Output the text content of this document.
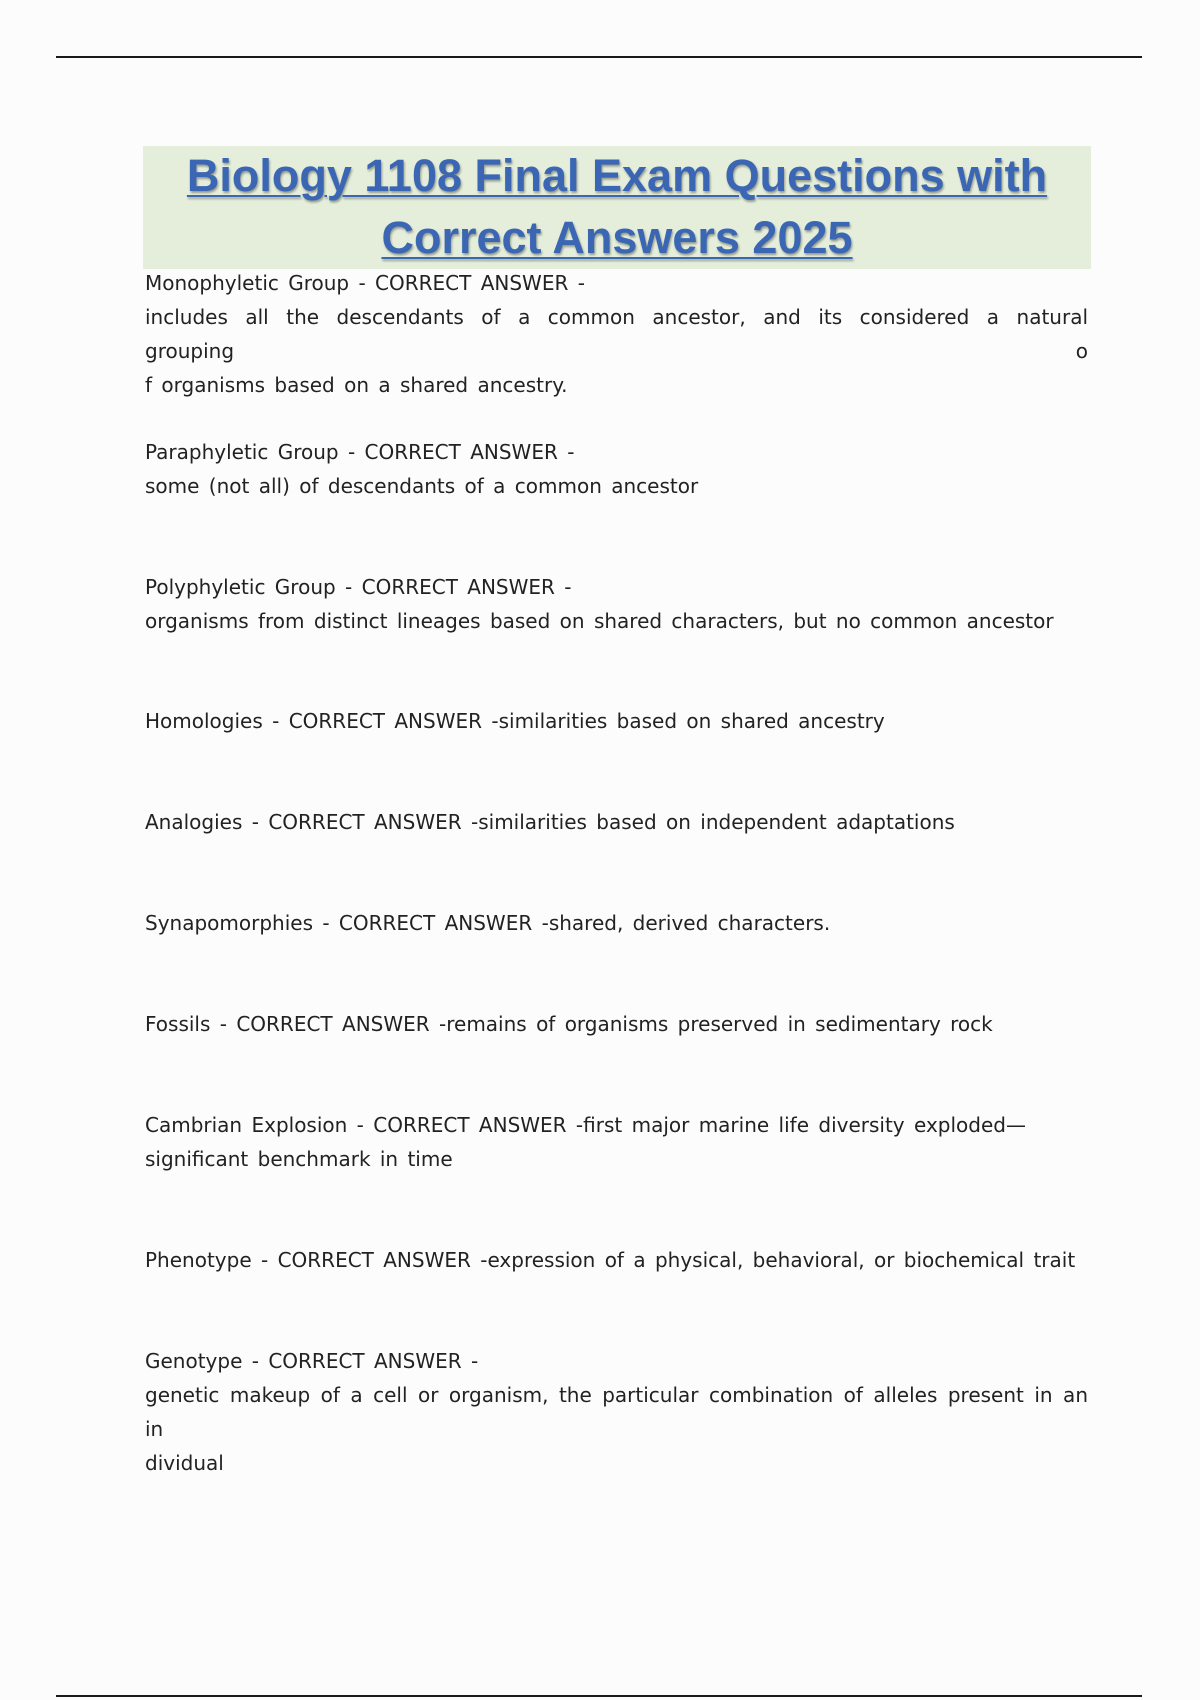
Biology 1108 Final Exam Questions with
Correct Answers 2025
Monophyletic Group - CORRECT ANSWER -
includes all the descendants of a common ancestor, and its considered a natural grouping o
f organisms based on a shared ancestry.
Paraphyletic Group - CORRECT ANSWER -
some (not all) of descendants of a common ancestor
Polyphyletic Group - CORRECT ANSWER -
organisms from distinct lineages based on shared characters, but no common ancestor
Homologies - CORRECT ANSWER -similarities based on shared ancestry
Analogies - CORRECT ANSWER -similarities based on independent adaptations
Synapomorphies - CORRECT ANSWER -shared, derived characters.
Fossils - CORRECT ANSWER -remains of organisms preserved in sedimentary rock
Cambrian Explosion - CORRECT ANSWER -first major marine life diversity exploded—
significant benchmark in time
Phenotype - CORRECT ANSWER -expression of a physical, behavioral, or biochemical trait
Genotype - CORRECT ANSWER -
genetic makeup of a cell or organism, the particular combination of alleles present in an in
dividual
